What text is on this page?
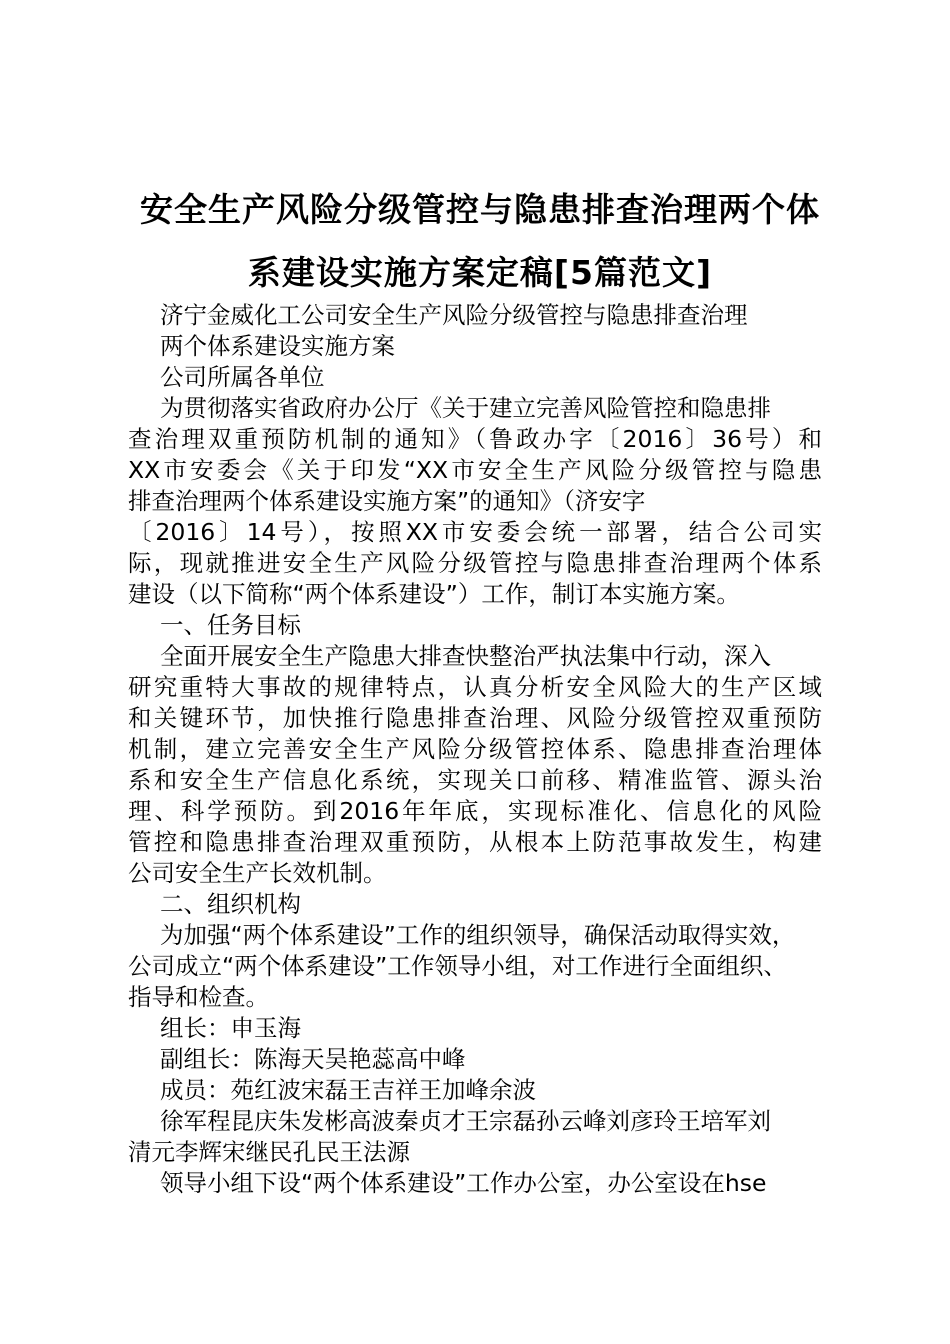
安全生产风险分级管控与隐患排查治理两个体
系建设实施方案定稿[5篇范文]
济宁金威化工公司安全生产风险分级管控与隐患排查治理
两个体系建设实施方案
公司所属各单位
为贯彻落实省政府办公厅《关于建立完善风险管控和隐患排
查治理双重预防机制的通知》（鲁政办字〔2016〕36号）和
XX市安委会《关于印发“XX市安全生产风险分级管控与隐患
排查治理两个体系建设实施方案”的通知》（济安字
〔2016〕14号），按照XX市安委会统一部署，结合公司实
际，现就推进安全生产风险分级管控与隐患排查治理两个体系
建设（以下简称“两个体系建设”）工作，制订本实施方案。
一、任务目标
全面开展安全生产隐患大排查快整治严执法集中行动，深入
研究重特大事故的规律特点，认真分析安全风险大的生产区域
和关键环节，加快推行隐患排查治理、风险分级管控双重预防
机制，建立完善安全生产风险分级管控体系、隐患排查治理体
系和安全生产信息化系统，实现关口前移、精准监管、源头治
理、科学预防。到2016年年底，实现标准化、信息化的风险
管控和隐患排查治理双重预防，从根本上防范事故发生，构建
公司安全生产长效机制。
二、组织机构
为加强“两个体系建设”工作的组织领导，确保活动取得实效，
公司成立“两个体系建设”工作领导小组，对工作进行全面组织、
指导和检查。
组长：申玉海
副组长：陈海天吴艳蕊高中峰
成员：苑红波宋磊王吉祥王加峰余波
徐军程昆庆朱发彬高波秦贞才王宗磊孙云峰刘彦玲王培军刘
清元李辉宋继民孔民王法源
领导小组下设“两个体系建设”工作办公室，办公室设在hse
